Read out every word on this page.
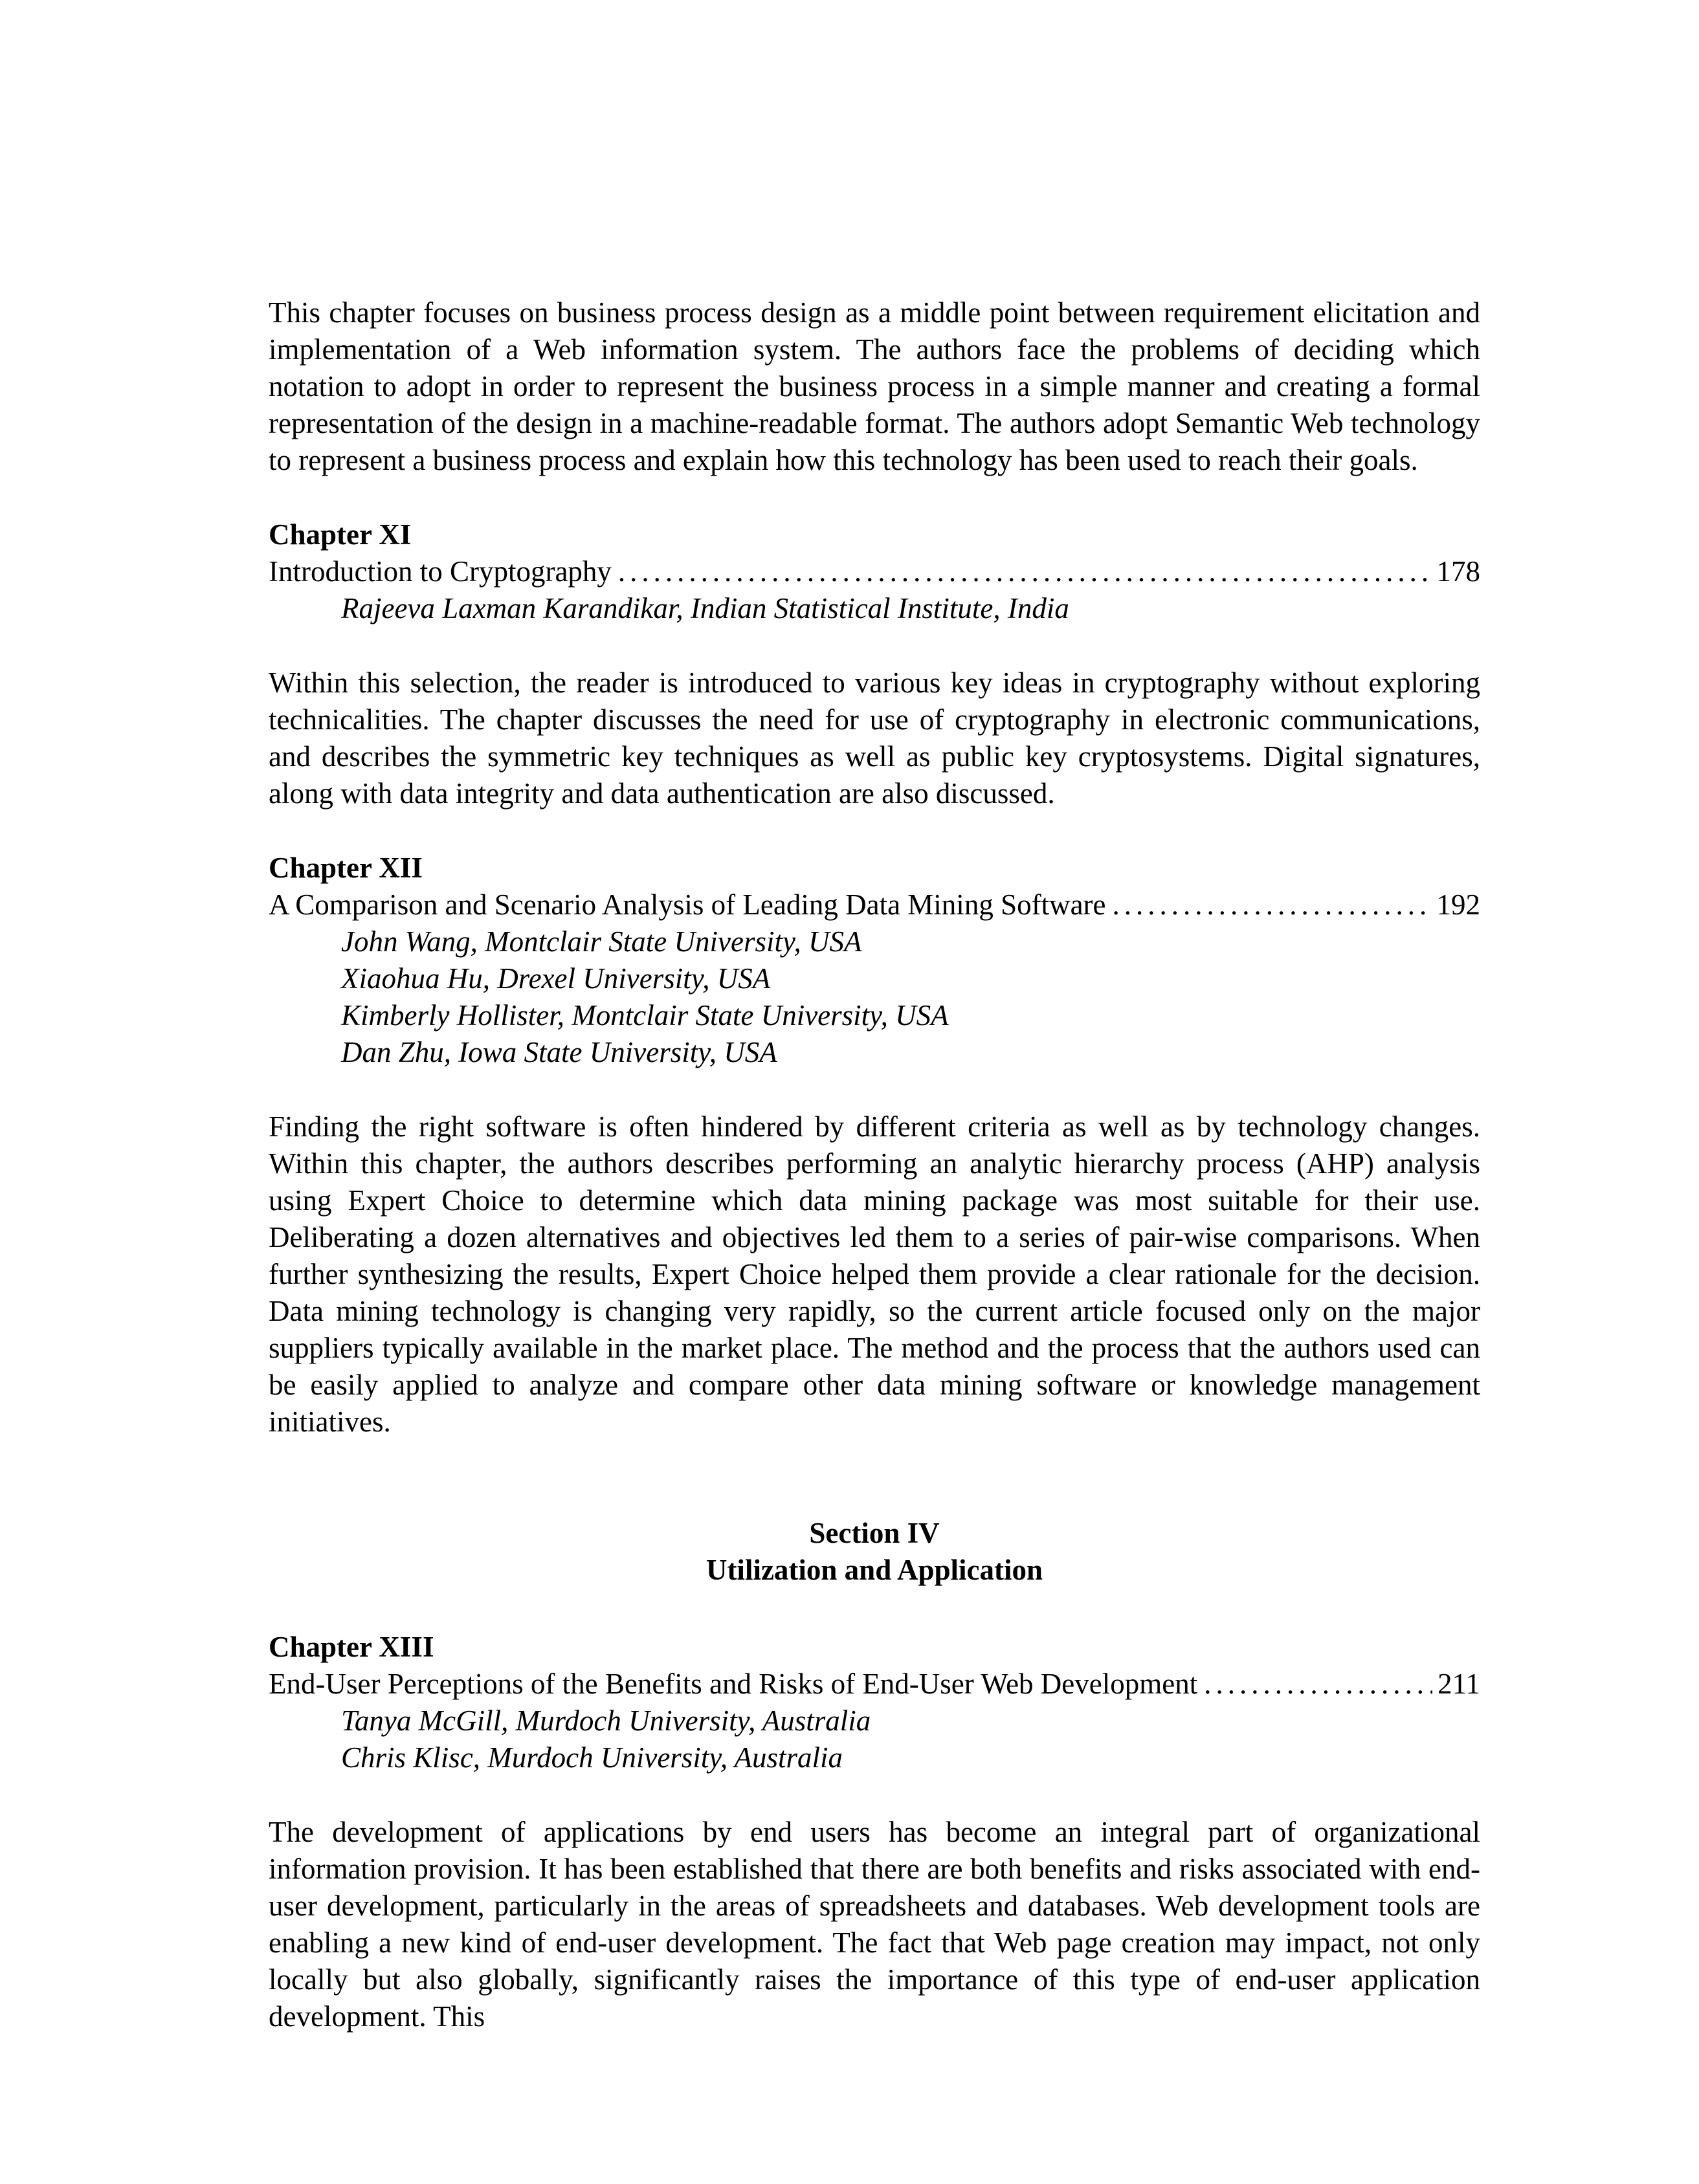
This chapter focuses on business process design as a middle point between requirement elicitation and implementation of a Web information system. The authors face the problems of deciding which notation to adopt in order to represent the business process in a simple manner and creating a formal representation of the design in a machine-readable format. The authors adopt Semantic Web technology to represent a business process and explain how this technology has been used to reach their goals.

Chapter XI
Introduction to Cryptography .....	178
Rajeeva Laxman Karandikar, Indian Statistical Institute, India

Within this selection, the reader is introduced to various key ideas in cryptography without exploring technicalities. The chapter discusses the need for use of cryptography in electronic communications, and describes the symmetric key techniques as well as public key cryptosystems. Digital signatures, along with data integrity and data authentication are also discussed.

Chapter XII
A Comparison and Scenario Analysis of Leading Data Mining Software .....	192
John Wang, Montclair State University, USA
Xiaohua Hu, Drexel University, USA
Kimberly Hollister, Montclair State University, USA
Dan Zhu, Iowa State University, USA

Finding the right software is often hindered by different criteria as well as by technology changes. Within this chapter, the authors describes performing an analytic hierarchy process (AHP) analysis using Expert Choice to determine which data mining package was most suitable for their use. Deliberating a dozen alternatives and objectives led them to a series of pair-wise comparisons. When further synthesizing the results, Expert Choice helped them provide a clear rationale for the decision. Data mining technology is changing very rapidly, so the current article focused only on the major suppliers typically available in the market place. The method and the process that the authors used can be easily applied to analyze and compare other data mining software or knowledge management initiatives.

Section IV
Utilization and Application
Chapter XIII
End-User Perceptions of the Benefits and Risks of End-User Web Development .....	211
Tanya McGill, Murdoch University, Australia
Chris Klisc, Murdoch University, Australia

The development of applications by end users has become an integral part of organizational information provision. It has been established that there are both benefits and risks associated with end-user development, particularly in the areas of spreadsheets and databases. Web development tools are enabling a new kind of end-user development. The fact that Web page creation may impact, not only locally but also globally, significantly raises the importance of this type of end-user application development. This
